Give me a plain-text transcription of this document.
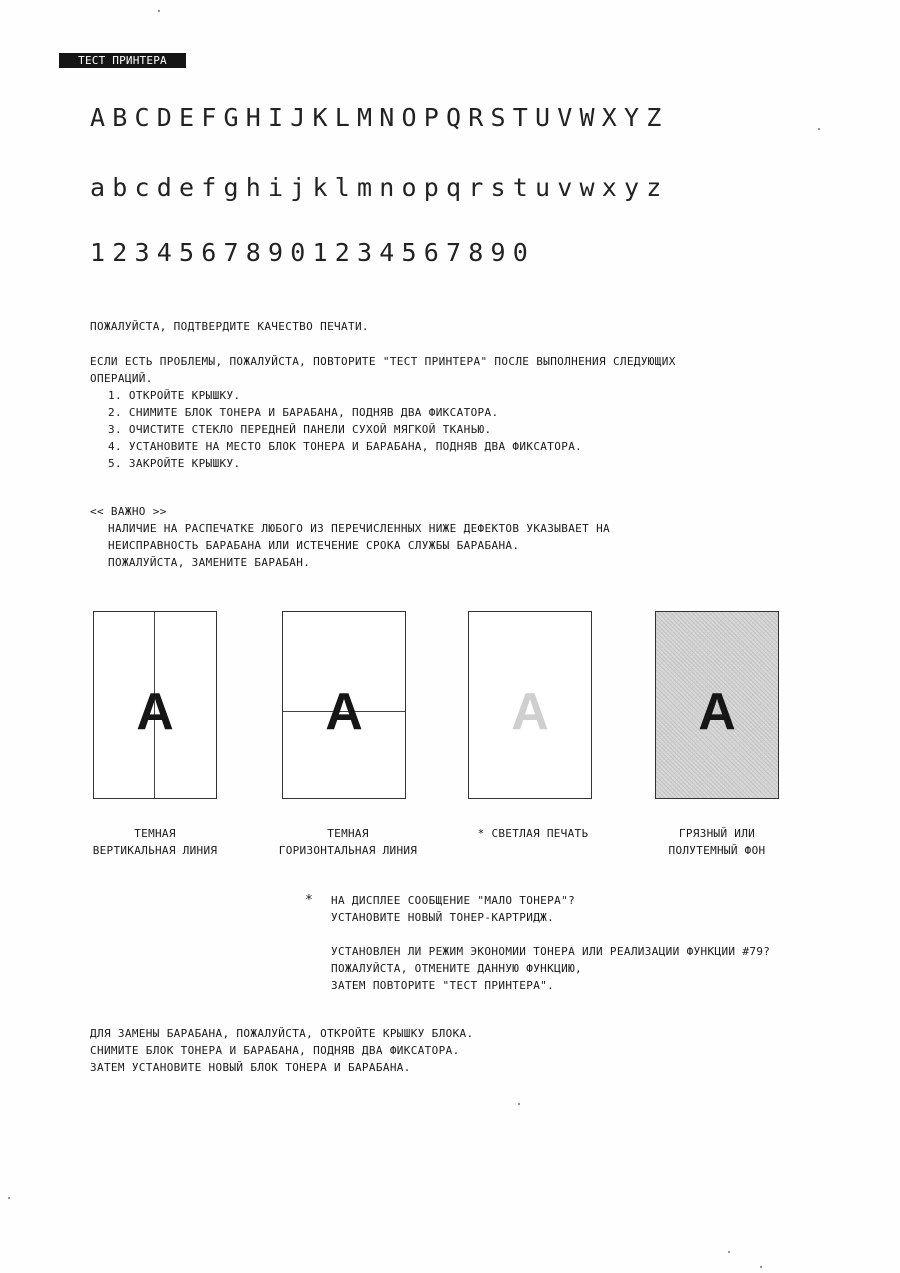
ТЕСТ ПРИНТЕРА
ABCDEFGHIJKLMNOPQRSTUVWXYZ
abcdefghijklmnopqrstuvwxyz
12345678901234567890
ПОЖАЛУЙСТА, ПОДТВЕРДИТЕ КАЧЕСТВО ПЕЧАТИ.
ЕСЛИ ЕСТЬ ПРОБЛЕМЫ, ПОЖАЛУЙСТА, ПОВТОРИТЕ "ТЕСТ ПРИНТЕРА" ПОСЛЕ ВЫПОЛНЕНИЯ СЛЕДУЮЩИХ
ОПЕРАЦИЙ.
1. ОТКРОЙТЕ КРЫШКУ.
2. СНИМИТЕ БЛОК ТОНЕРА И БАРАБАНА, ПОДНЯВ ДВА ФИКСАТОРА.
3. ОЧИСТИТЕ СТЕКЛО ПЕРЕДНЕЙ ПАНЕЛИ СУХОЙ МЯГКОЙ ТКАНЬЮ.
4. УСТАНОВИТЕ НА МЕСТО БЛОК ТОНЕРА И БАРАБАНА, ПОДНЯВ ДВА ФИКСАТОРА.
5. ЗАКРОЙТЕ КРЫШКУ.
<< ВАЖНО >>
НАЛИЧИЕ НА РАСПЕЧАТКЕ ЛЮБОГО ИЗ ПЕРЕЧИСЛЕННЫХ НИЖЕ ДЕФЕКТОВ УКАЗЫВАЕТ НА
НЕИСПРАВНОСТЬ БАРАБАНА ИЛИ ИСТЕЧЕНИЕ СРОКА СЛУЖБЫ БАРАБАНА.
ПОЖАЛУЙСТА, ЗАМЕНИТЕ БАРАБАН.
A	A	A	A
ТЕМНАЯ
ВЕРТИКАЛЬНАЯ ЛИНИЯ
ТЕМНАЯ
ГОРИЗОНТАЛЬНАЯ ЛИНИЯ
* СВЕТЛАЯ ПЕЧАТЬ	ГРЯЗНЫЙ ИЛИ
ПОЛУТЕМНЫЙ ФОН
* НА ДИСПЛЕЕ СООБЩЕНИЕ "МАЛО ТОНЕРА"?
УСТАНОВИТЕ НОВЫЙ ТОНЕР-КАРТРИДЖ.

УСТАНОВЛЕН ЛИ РЕЖИМ ЭКОНОМИИ ТОНЕРА ИЛИ РЕАЛИЗАЦИИ ФУНКЦИИ #79?
ПОЖАЛУЙСТА, ОТМЕНИТЕ ДАННУЮ ФУНКЦИЮ,
ЗАТЕМ ПОВТОРИТЕ "ТЕСТ ПРИНТЕРА".
ДЛЯ ЗАМЕНЫ БАРАБАНА, ПОЖАЛУЙСТА, ОТКРОЙТЕ КРЫШКУ БЛОКА.
СНИМИТЕ БЛОК ТОНЕРА И БАРАБАНА, ПОДНЯВ ДВА ФИКСАТОРА.
ЗАТЕМ УСТАНОВИТЕ НОВЫЙ БЛОК ТОНЕРА И БАРАБАНА.
